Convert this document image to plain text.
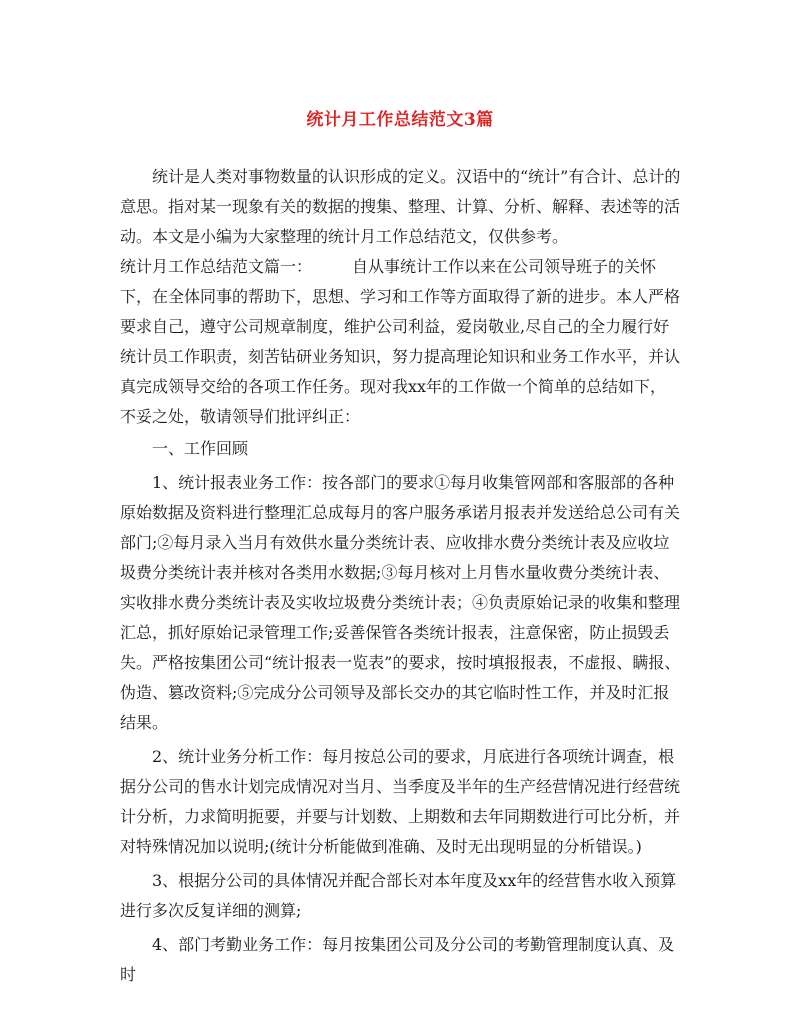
统计月工作总结范文3篇

统计是人类对事物数量的认识形成的定义。汉语中的“统计”有合计、总计的意思。指对某一现象有关的数据的搜集、整理、计算、分析、解释、表述等的活动。本文是小编为大家整理的统计月工作总结范文，仅供参考。

统计月工作总结范文篇一：　　　自从事统计工作以来在公司领导班子的关怀下，在全体同事的帮助下，思想、学习和工作等方面取得了新的进步。本人严格要求自己，遵守公司规章制度，维护公司利益，爱岗敬业,尽自己的全力履行好统计员工作职责，刻苦钻研业务知识，努力提高理论知识和业务工作水平，并认真完成领导交给的各项工作任务。现对我xx年的工作做一个简单的总结如下，不妥之处，敬请领导们批评纠正：

一、工作回顾

1、统计报表业务工作：按各部门的要求①每月收集管网部和客服部的各种原始数据及资料进行整理汇总成每月的客户服务承诺月报表并发送给总公司有关部门;②每月录入当月有效供水量分类统计表、应收排水费分类统计表及应收垃圾费分类统计表并核对各类用水数据;③每月核对上月售水量收费分类统计表、实收排水费分类统计表及实收垃圾费分类统计表；④负责原始记录的收集和整理汇总，抓好原始记录管理工作;妥善保管各类统计报表，注意保密，防止损毁丢失。严格按集团公司“统计报表一览表”的要求，按时填报报表，不虚报、瞒报、伪造、篡改资料;⑤完成分公司领导及部长交办的其它临时性工作，并及时汇报结果。

2、统计业务分析工作：每月按总公司的要求，月底进行各项统计调查，根据分公司的售水计划完成情况对当月、当季度及半年的生产经营情况进行经营统计分析，力求简明扼要，并要与计划数、上期数和去年同期数进行可比分析，并对特殊情况加以说明;(统计分析能做到准确、及时无出现明显的分析错误。)

3、根据分公司的具体情况并配合部长对本年度及xx年的经营售水收入预算进行多次反复详细的测算;

4、部门考勤业务工作：每月按集团公司及分公司的考勤管理制度认真、及时
